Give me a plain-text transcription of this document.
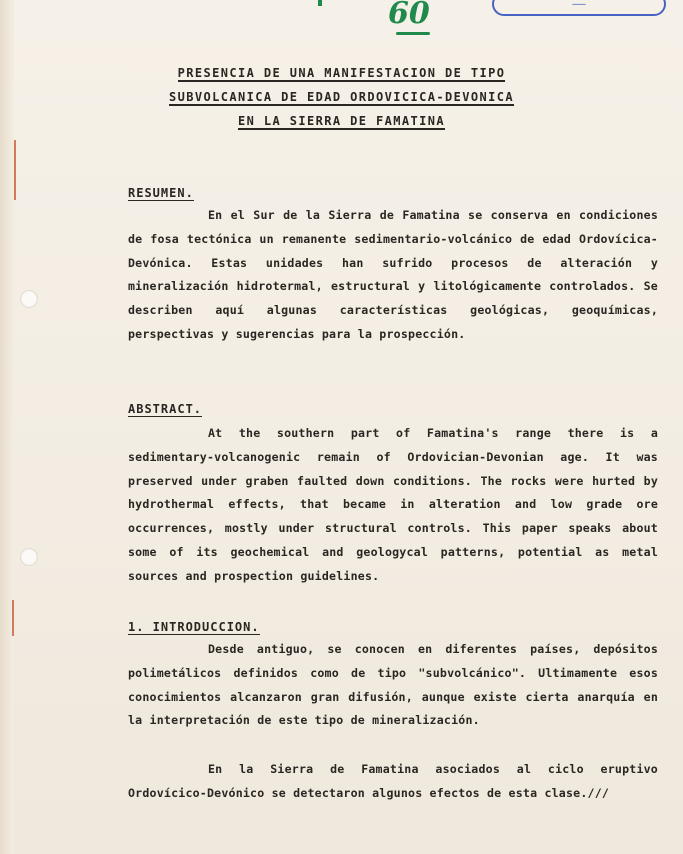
60	——
PRESENCIA DE UNA MANIFESTACION DE TIPO
SUBVOLCANICA DE EDAD ORDOVICICA-DEVONICA
EN LA SIERRA DE FAMATINA
RESUMEN.
En el Sur de la Sierra de Famatina se conserva en condiciones de fosa tectónica un remanente sedimentario-volcánico de edad Ordovícica-Devónica. Estas unidades han sufrido procesos de alteración y mineralización hidrotermal, estructural y litológicamente controlados. Se describen aquí algunas características geológicas, geoquímicas, perspectivas y sugerencias para la prospección.
ABSTRACT.
At the southern part of Famatina's range there is a sedimentary-volcanogenic remain of Ordovician-Devonian age. It was preserved under graben faulted down conditions. The rocks were hurted by hydrothermal effects, that became in alteration and low grade ore occurrences, mostly under structural controls. This paper speaks about some of its geochemical and geologycal patterns, potential as metal sources and prospection guidelines.
1. INTRODUCCION.
Desde antiguo, se conocen en diferentes países, depósitos polimetálicos definidos como de tipo "subvolcánico". Ultimamente esos conocimientos alcanzaron gran difusión, aunque existe cierta anarquía en la interpretación de este tipo de mineralización.
En la Sierra de Famatina asociados al ciclo eruptivo Ordovícico-Devónico se detectaron algunos efectos de esta clase.///
